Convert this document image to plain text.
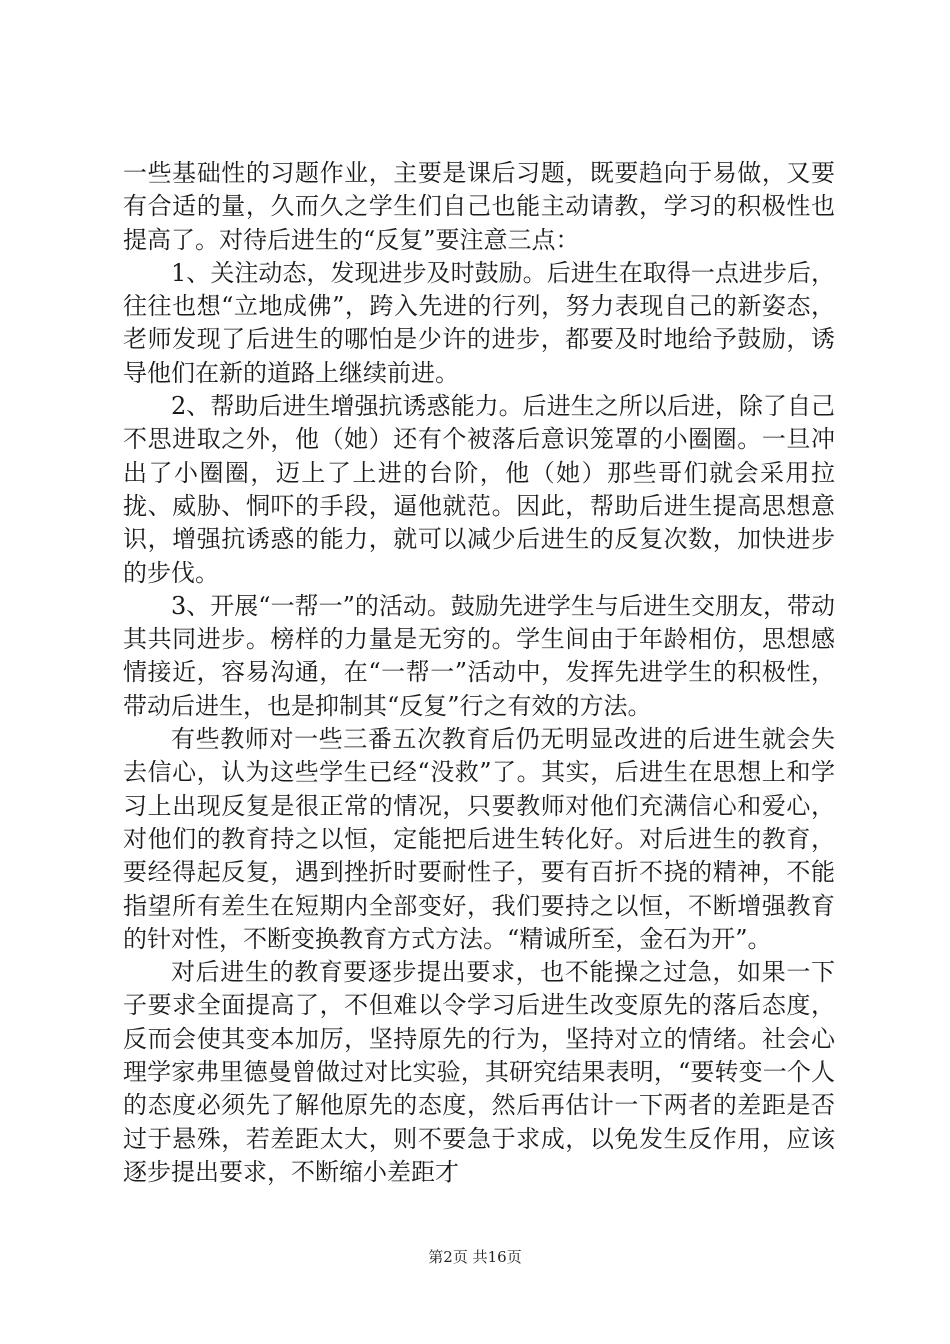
一些基础性的习题作业，主要是课后习题，既要趋向于易做，又要有合适的量，久而久之学生们自己也能主动请教，学习的积极性也提高了。对待后进生的“反复”要注意三点：

1、关注动态，发现进步及时鼓励。后进生在取得一点进步后，往往也想“立地成佛”，跨入先进的行列，努力表现自己的新姿态，老师发现了后进生的哪怕是少许的进步，都要及时地给予鼓励，诱导他们在新的道路上继续前进。

2、帮助后进生增强抗诱惑能力。后进生之所以后进，除了自己不思进取之外，他（她）还有个被落后意识笼罩的小圈圈。一旦冲出了小圈圈，迈上了上进的台阶，他（她）那些哥们就会采用拉拢、威胁、恫吓的手段，逼他就范。因此，帮助后进生提高思想意识，增强抗诱惑的能力，就可以减少后进生的反复次数，加快进步的步伐。

3、开展“一帮一”的活动。鼓励先进学生与后进生交朋友，带动其共同进步。榜样的力量是无穷的。学生间由于年龄相仿，思想感情接近，容易沟通，在“一帮一”活动中，发挥先进学生的积极性，带动后进生，也是抑制其“反复”行之有效的方法。

有些教师对一些三番五次教育后仍无明显改进的后进生就会失去信心，认为这些学生已经“没救”了。其实，后进生在思想上和学习上出现反复是很正常的情况，只要教师对他们充满信心和爱心，对他们的教育持之以恒，定能把后进生转化好。对后进生的教育，要经得起反复，遇到挫折时要耐性子，要有百折不挠的精神，不能指望所有差生在短期内全部变好，我们要持之以恒，不断增强教育的针对性，不断变换教育方式方法。“精诚所至，金石为开”。

对后进生的教育要逐步提出要求，也不能操之过急，如果一下子要求全面提高了，不但难以令学习后进生改变原先的落后态度，反而会使其变本加厉，坚持原先的行为，坚持对立的情绪。社会心理学家弗里德曼曾做过对比实验，其研究结果表明，“要转变一个人的态度必须先了解他原先的态度，然后再估计一下两者的差距是否过于悬殊，若差距太大，则不要急于求成，以免发生反作用，应该逐步提出要求，不断缩小差距才

第2页 共16页
